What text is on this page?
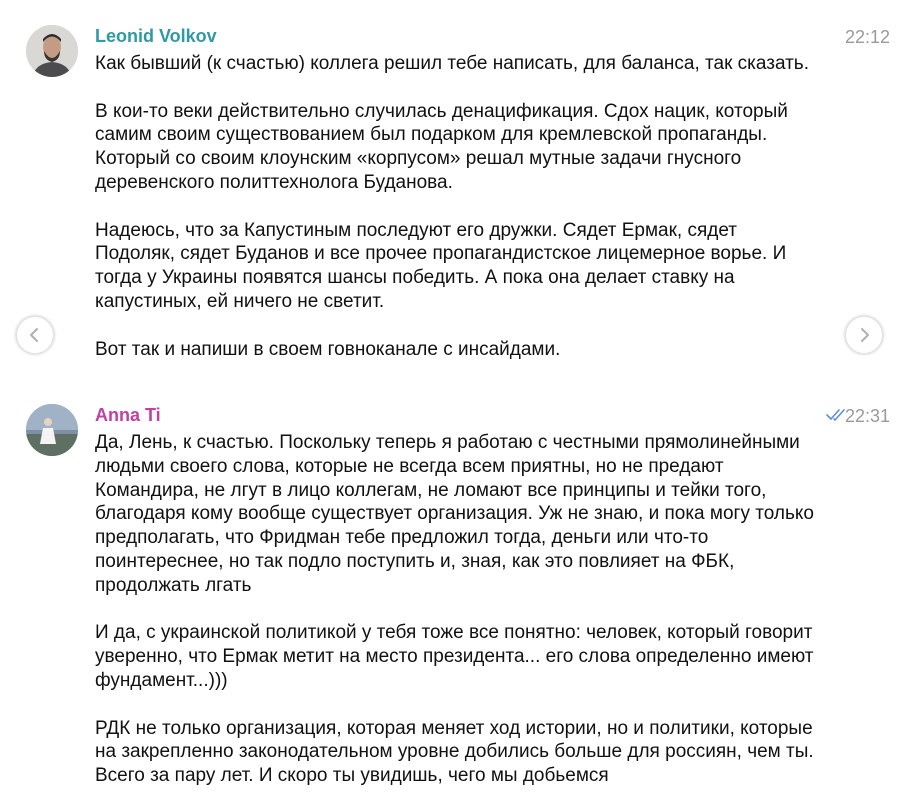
Leonid Volkov	22:12

Как бывший (к счастью) коллега решил тебе написать, для баланса, так сказать.

В кои-то веки действительно случилась денацификация. Сдох нацик, который самим своим существованием был подарком для кремлевской пропаганды. Который со своим клоунским «корпусом» решал мутные задачи гнусного деревенского политтехнолога Буданова.

Надеюсь, что за Капустиным последуют его дружки. Сядет Ермак, сядет Подоляк, сядет Буданов и все прочее пропагандистское лицемерное ворье. И тогда у Украины появятся шансы победить. А пока она делает ставку на капустиных, ей ничего не светит.

Вот так и напиши в своем говноканале с инсайдами.

Anna Ti	22:31

Да, Лень, к счастью. Поскольку теперь я работаю с честными прямолинейными людьми своего слова, которые не всегда всем приятны, но не предают Командира, не лгут в лицо коллегам, не ломают все принципы и тейки того, благодаря кому вообще существует организация. Уж не знаю, и пока могу только предполагать, что Фридман тебе предложил тогда, деньги или что-то поинтереснее, но так подло поступить и, зная, как это повлияет на ФБК, продолжать лгать

И да, с украинской политикой у тебя тоже все понятно: человек, который говорит уверенно, что Ермак метит на место президента... его слова определенно имеют фундамент...)))

РДК не только организация, которая меняет ход истории, но и политики, которые на закрепленно законодательном уровне добились больше для россиян, чем ты. Всего за пару лет. И скоро ты увидишь, чего мы добьемся
